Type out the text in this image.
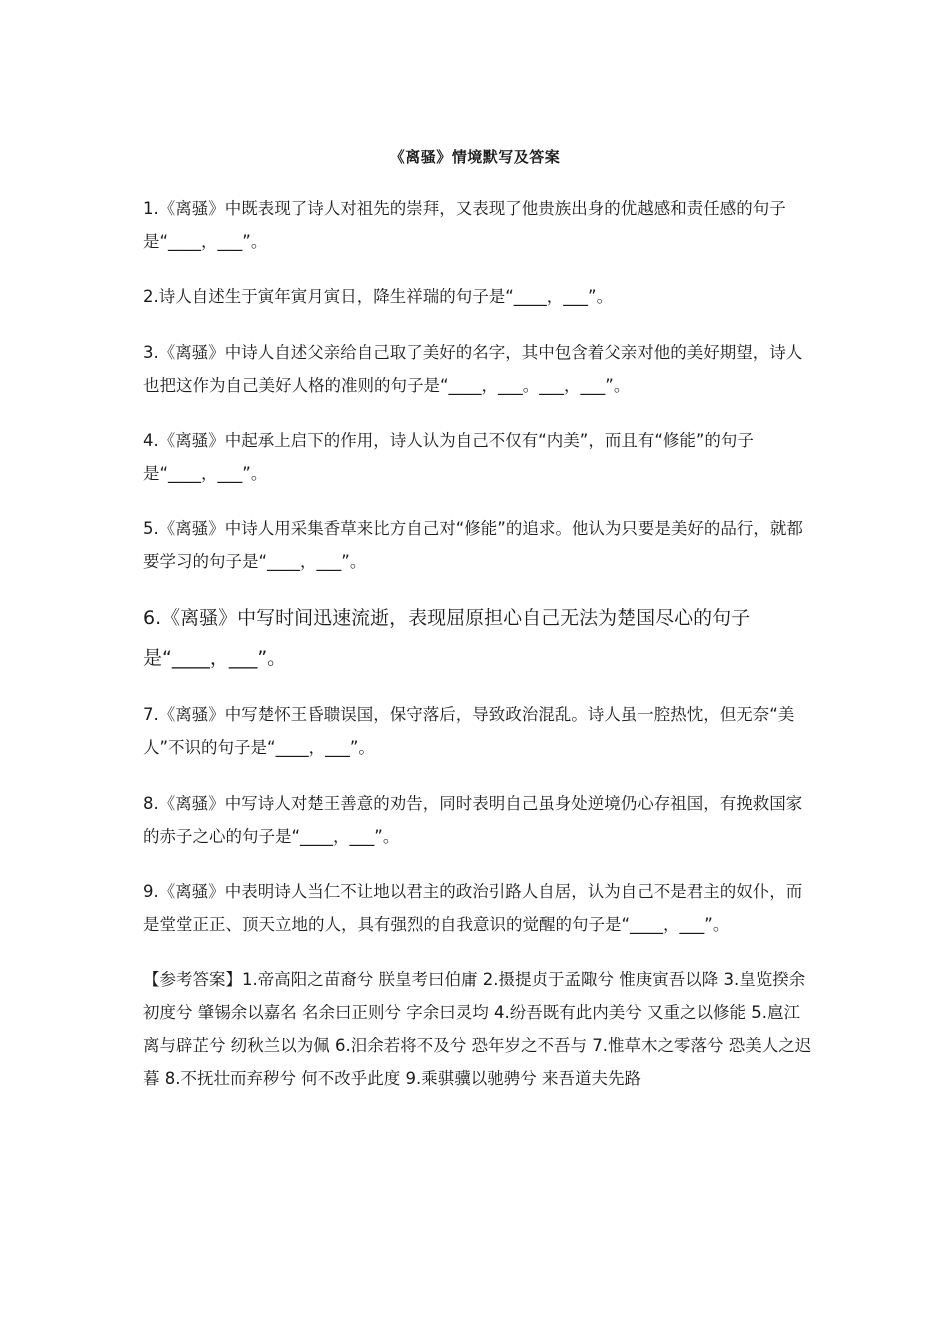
《离骚》情境默写及答案

1.《离骚》中既表现了诗人对祖先的崇拜，又表现了他贵族出身的优越感和责任感的句子是“____，___”。

2.诗人自述生于寅年寅月寅日，降生祥瑞的句子是“____，___”。

3.《离骚》中诗人自述父亲给自己取了美好的名字，其中包含着父亲对他的美好期望，诗人也把这作为自己美好人格的准则的句子是“____，___。___，___”。

4.《离骚》中起承上启下的作用，诗人认为自己不仅有“内美”，而且有“修能”的句子是“____，___”。

5.《离骚》中诗人用采集香草来比方自己对“修能”的追求。他认为只要是美好的品行，就都要学习的句子是“____，___”。

6.《离骚》中写时间迅速流逝，表现屈原担心自己无法为楚国尽心的句子是“____，___”。

7.《离骚》中写楚怀王昏聩误国，保守落后，导致政治混乱。诗人虽一腔热忱，但无奈“美人”不识的句子是“____，___”。

8.《离骚》中写诗人对楚王善意的劝告，同时表明自己虽身处逆境仍心存祖国，有挽救国家的赤子之心的句子是“____，___”。

9.《离骚》中表明诗人当仁不让地以君主的政治引路人自居，认为自己不是君主的奴仆，而是堂堂正正、顶天立地的人，具有强烈的自我意识的觉醒的句子是“____，___”。

【参考答案】1.帝高阳之苗裔兮 朕皇考曰伯庸 2.摄提贞于孟陬兮 惟庚寅吾以降 3.皇览揆余初度兮 肇锡余以嘉名 名余曰正则兮 字余曰灵均 4.纷吾既有此内美兮 又重之以修能 5.扈江离与辟芷兮 纫秋兰以为佩 6.汨余若将不及兮 恐年岁之不吾与 7.惟草木之零落兮 恐美人之迟暮 8.不抚壮而弃秽兮 何不改乎此度 9.乘骐骥以驰骋兮 来吾道夫先路
